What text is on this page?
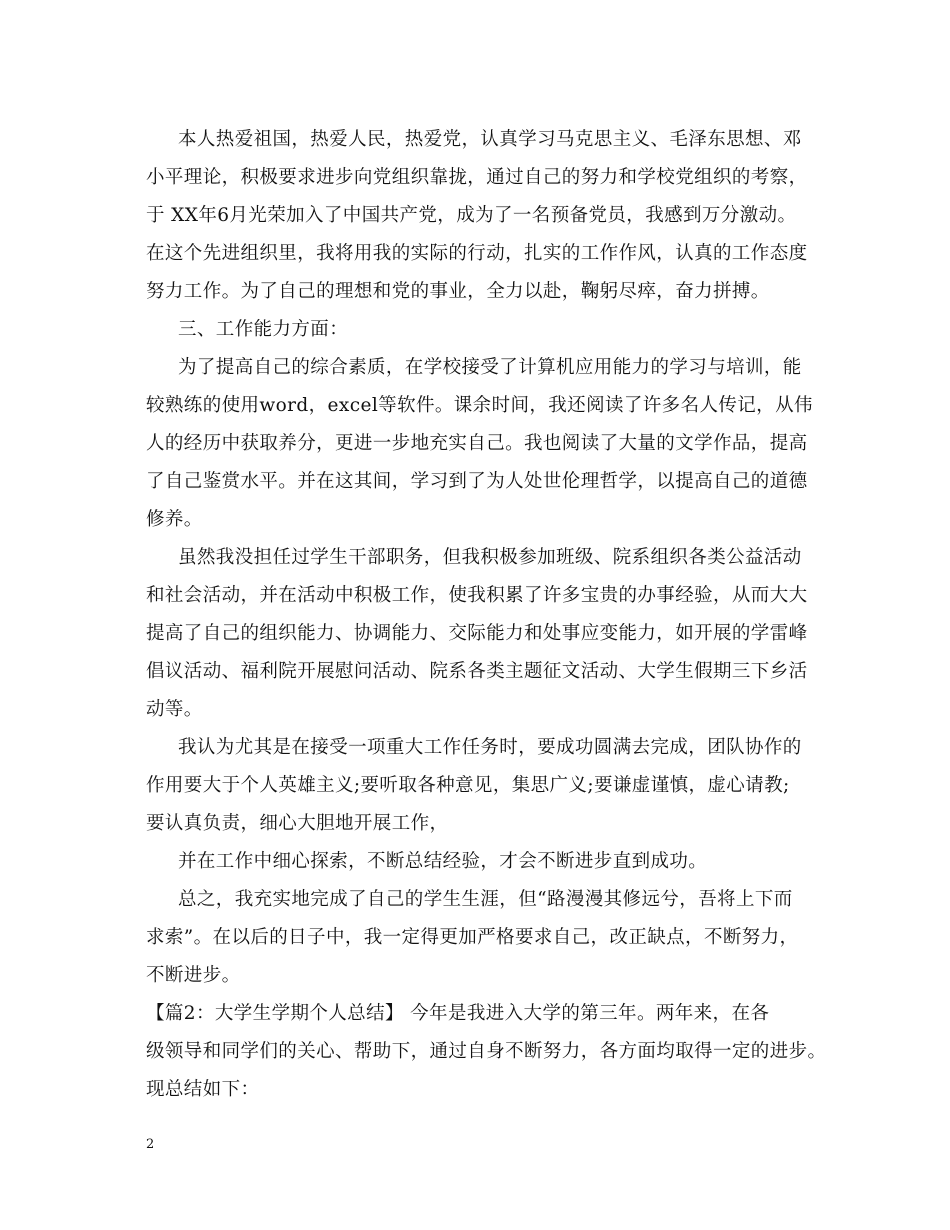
本人热爱祖国，热爱人民，热爱党，认真学习马克思主义、毛泽东思想、邓
小平理论，积极要求进步向党组织靠拢，通过自己的努力和学校党组织的考察，
于 XX年6月光荣加入了中国共产党，成为了一名预备党员，我感到万分激动。
在这个先进组织里，我将用我的实际的行动，扎实的工作作风，认真的工作态度
努力工作。为了自己的理想和党的事业，全力以赴，鞠躬尽瘁，奋力拼搏。
三、工作能力方面：
为了提高自己的综合素质，在学校接受了计算机应用能力的学习与培训，能
较熟练的使用word，excel等软件。课余时间，我还阅读了许多名人传记，从伟
人的经历中获取养分，更进一步地充实自己。我也阅读了大量的文学作品，提高
了自己鉴赏水平。并在这其间，学习到了为人处世伦理哲学，以提高自己的道德
修养。
虽然我没担任过学生干部职务，但我积极参加班级、院系组织各类公益活动
和社会活动，并在活动中积极工作，使我积累了许多宝贵的办事经验，从而大大
提高了自己的组织能力、协调能力、交际能力和处事应变能力，如开展的学雷峰
倡议活动、福利院开展慰问活动、院系各类主题征文活动、大学生假期三下乡活
动等。
我认为尤其是在接受一项重大工作任务时，要成功圆满去完成，团队协作的
作用要大于个人英雄主义;要听取各种意见，集思广义;要谦虚谨慎，虚心请教;
要认真负责，细心大胆地开展工作，
并在工作中细心探索，不断总结经验，才会不断进步直到成功。
总之，我充实地完成了自己的学生生涯，但“路漫漫其修远兮，吾将上下而
求索”。在以后的日子中，我一定得更加严格要求自己，改正缺点，不断努力，
不断进步。
【篇2：大学生学期个人总结】 今年是我进入大学的第三年。两年来，在各
级领导和同学们的关心、帮助下，通过自身不断努力，各方面均取得一定的进步。
现总结如下：
2
